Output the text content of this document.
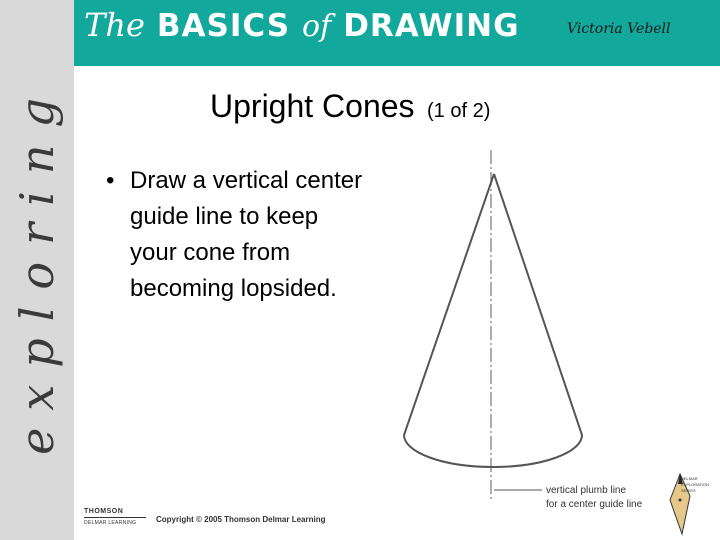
exploring
The BASICS of DRAWING	Victoria Vebell
Upright Cones (1 of 2)
• Draw a vertical center guide line to keep your cone from becoming lopsided.
vertical plumb line
for a center guide line
THOMSON
DELMAR LEARNING	Copyright © 2005 Thomson Delmar Learning
DELMAR
EXPLORATION
SERIES
